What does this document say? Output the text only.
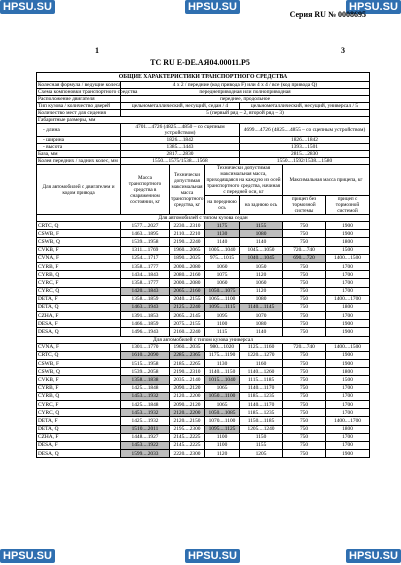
HPSU.SU	HPSU.SU	HPSU.SU
HPSU.SU	HPSU.SU	HPSU.SU
Серия RU № 0008695
1	3
ТС RU Е-DE.АЯ04.00011.Р5
ОБЩИЕ ХАРАКТЕРИСТИКИ ТРАНСПОРТНОГО СРЕДСТВА						
Колесная формула / ведущие колеса	4 x 2 / передние (код привода F) или 4 x 4 / все (код привода Q)					
Схема компоновки транспортного средства	переднеприводная или полноприводная					
Расположение двигателя	переднее, продольное					
Тип кузова / количество дверей	цельнометаллический, несущий, седан / 4			цельнометаллический, несущий, универсал / 5		
Количество мест для сидения	5 (первый ряд – 2, второй ряд – 3)					
Габаритные размеры, мм						
- длина	4701....4726 (4825....4850 – со сцепным устройством)			4699....4726 (4825....4855 – со сцепным устройством)		
- ширина	1826....1842			1826....1842		
- высота	1385....1443			1393....1501		
База, мм	2817....2830			2815....2830		
Колея передних / задних колес, мм	1550....1575/1538....1568			1550....1592/1538....1580		
Для автомобилей с двигателем и кодом привода	Масса транспортного средства в снаряженном состоянии, кг	Технически допустимая максимальная масса транспортного средства, кг	Технически допустимая максимальная масса, приходящаяся на каждую из осей транспортного средства, начиная с передней оси, кг		Максимальная масса прицепа, кг	
			на переднюю ось	на заднюю ось	прицеп без тормозной системы	прицеп с тормозной системой
Для автомобилей с типом кузова седан						
CRTC, Q	1577....2027	2230....2310	1175	1155	750	1900
CSWB, F	1463....1895	2110....2210	1130	1080	750	1900
CSWB, Q	1539....1958	2190....2240	1140	1140	750	1800
CVKB, F	1311....1769	1960....2065	1005....1040	1045....1050	720....740	1500
CVNA, F	1254....1717	1890....2025	975....1015	1040....1045	690....720	1400....1500
CYRB, F	1358....1777	2000....2080	1060	1050	750	1700
CYRB, Q	1434....1843	2080....2160	1075	1120	750	1700
CYRC, F	1358....1777	2000....2080	1060	1060	750	1700
CYRC, Q	1420....1843	2065....2160	1050....1075	1120	750	1700
DETA, F	1358....1859	2040....2155	1065....1100	1080	750	1400....1700
DETA, Q	1463....1943	2125....2240	1095....1115	1140....1145	750	1800
CZHA, F	1391....1853	2065....2145	1095	1070	750	1700
DESA, F	1466....1859	2075....2155	1100	1080	750	1900
DESA, Q	1496....1943	2160....2240	1115	1140	750	1900
Для автомобилей с типом кузова универсал						
CVNA, F	1301....1770	1960....2035	980....1020	1125....1160	720....740	1400....1500
CRTC, Q	1610....2090	2285....2365	1175....1190	1220....1270	750	1900
CSWB, F	1515....1958	2185....2265	1130	1160	750	1900
CSWB, Q	1539....2058	2190....2310	1140....1150	1140....1260	750	1800
CVKB, F	1358....1838	2035....2140	1015....1040	1115....1185	750	1500
CYRB, F	1425....1848	2090....2120	1065	1140....1170	750	1700
CYRB, Q	1453....1932	2120....2200	1050....1100	1185....1235	750	1700
CYRC, F	1425....1848	2090....2120	1065	1140....1170	750	1700
CYRC, Q	1453....1932	2120....2200	1050....1085	1185....1235	750	1700
DETA, F	1425....1932	2120....2150	1070....1100	1150....1185	750	1400....1700
DETA, Q	1510....2011	2195....2300	1095....1125	1205....1240	750	1800
CZHA, F	1448....1927	2145....2225	1100	1150	750	1700
DESA, F	1453....1922	2145....2225	1100	1155	750	1700
DESA, Q	1599....2033	2220....2300	1120	1205	750	1900
